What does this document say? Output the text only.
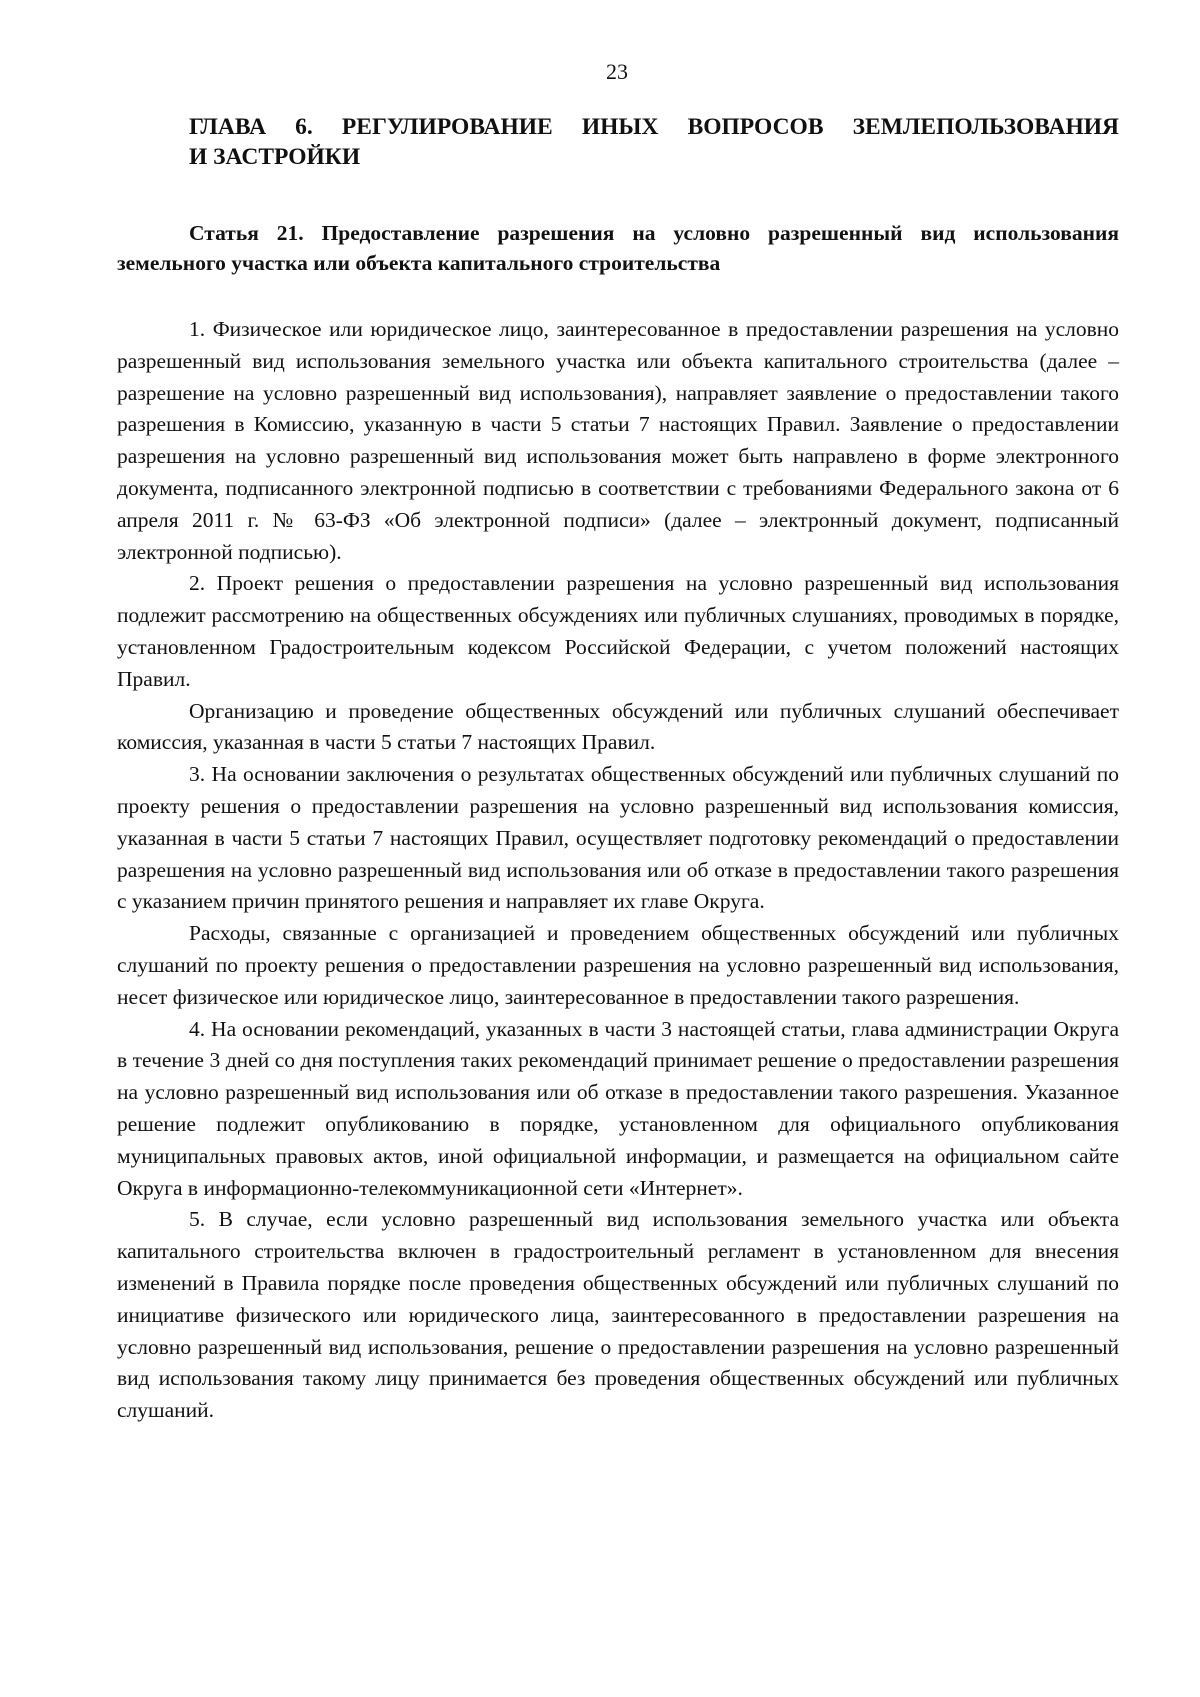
23
ГЛАВА 6. РЕГУЛИРОВАНИЕ ИНЫХ ВОПРОСОВ ЗЕМЛЕПОЛЬЗОВАНИЯ
И ЗАСТРОЙКИ

Статья 21. Предоставление разрешения на условно разрешенный вид использования земельного участка или объекта капитального строительства

1. Физическое или юридическое лицо, заинтересованное в предоставлении разрешения на условно разрешенный вид использования земельного участка или объекта капитального строительства (далее – разрешение на условно разрешенный вид использования), направляет заявление о предоставлении такого разрешения в Комиссию, указанную в части 5 статьи 7 настоящих Правил. Заявление о предоставлении разрешения на условно разрешенный вид использования может быть направлено в форме электронного документа, подписанного электронной подписью в соответствии с требованиями Федерального закона от 6 апреля 2011 г. № 63-ФЗ «Об электронной подписи» (далее – электронный документ, подписанный электронной подписью).

2. Проект решения о предоставлении разрешения на условно разрешенный вид использования подлежит рассмотрению на общественных обсуждениях или публичных слушаниях, проводимых в порядке, установленном Градостроительным кодексом Российской Федерации, с учетом положений настоящих Правил.

Организацию и проведение общественных обсуждений или публичных слушаний обеспечивает комиссия, указанная в части 5 статьи 7 настоящих Правил.

3. На основании заключения о результатах общественных обсуждений или публичных слушаний по проекту решения о предоставлении разрешения на условно разрешенный вид использования комиссия, указанная в части 5 статьи 7 настоящих Правил, осуществляет подготовку рекомендаций о предоставлении разрешения на условно разрешенный вид использования или об отказе в предоставлении такого разрешения с указанием причин принятого решения и направляет их главе Округа.

Расходы, связанные с организацией и проведением общественных обсуждений или публичных слушаний по проекту решения о предоставлении разрешения на условно разрешенный вид использования, несет физическое или юридическое лицо, заинтересованное в предоставлении такого разрешения.

4. На основании рекомендаций, указанных в части 3 настоящей статьи, глава администрации Округа в течение 3 дней со дня поступления таких рекомендаций принимает решение о предоставлении разрешения на условно разрешенный вид использования или об отказе в предоставлении такого разрешения. Указанное решение подлежит опубликованию в порядке, установленном для официального опубликования муниципальных правовых актов, иной официальной информации, и размещается на официальном сайте Округа в информационно-телекоммуникационной сети «Интернет».

5. В случае, если условно разрешенный вид использования земельного участка или объекта капитального строительства включен в градостроительный регламент в установленном для внесения изменений в Правила порядке после проведения общественных обсуждений или публичных слушаний по инициативе физического или юридического лица, заинтересованного в предоставлении разрешения на условно разрешенный вид использования, решение о предоставлении разрешения на условно разрешенный вид использования такому лицу принимается без проведения общественных обсуждений или публичных слушаний.
